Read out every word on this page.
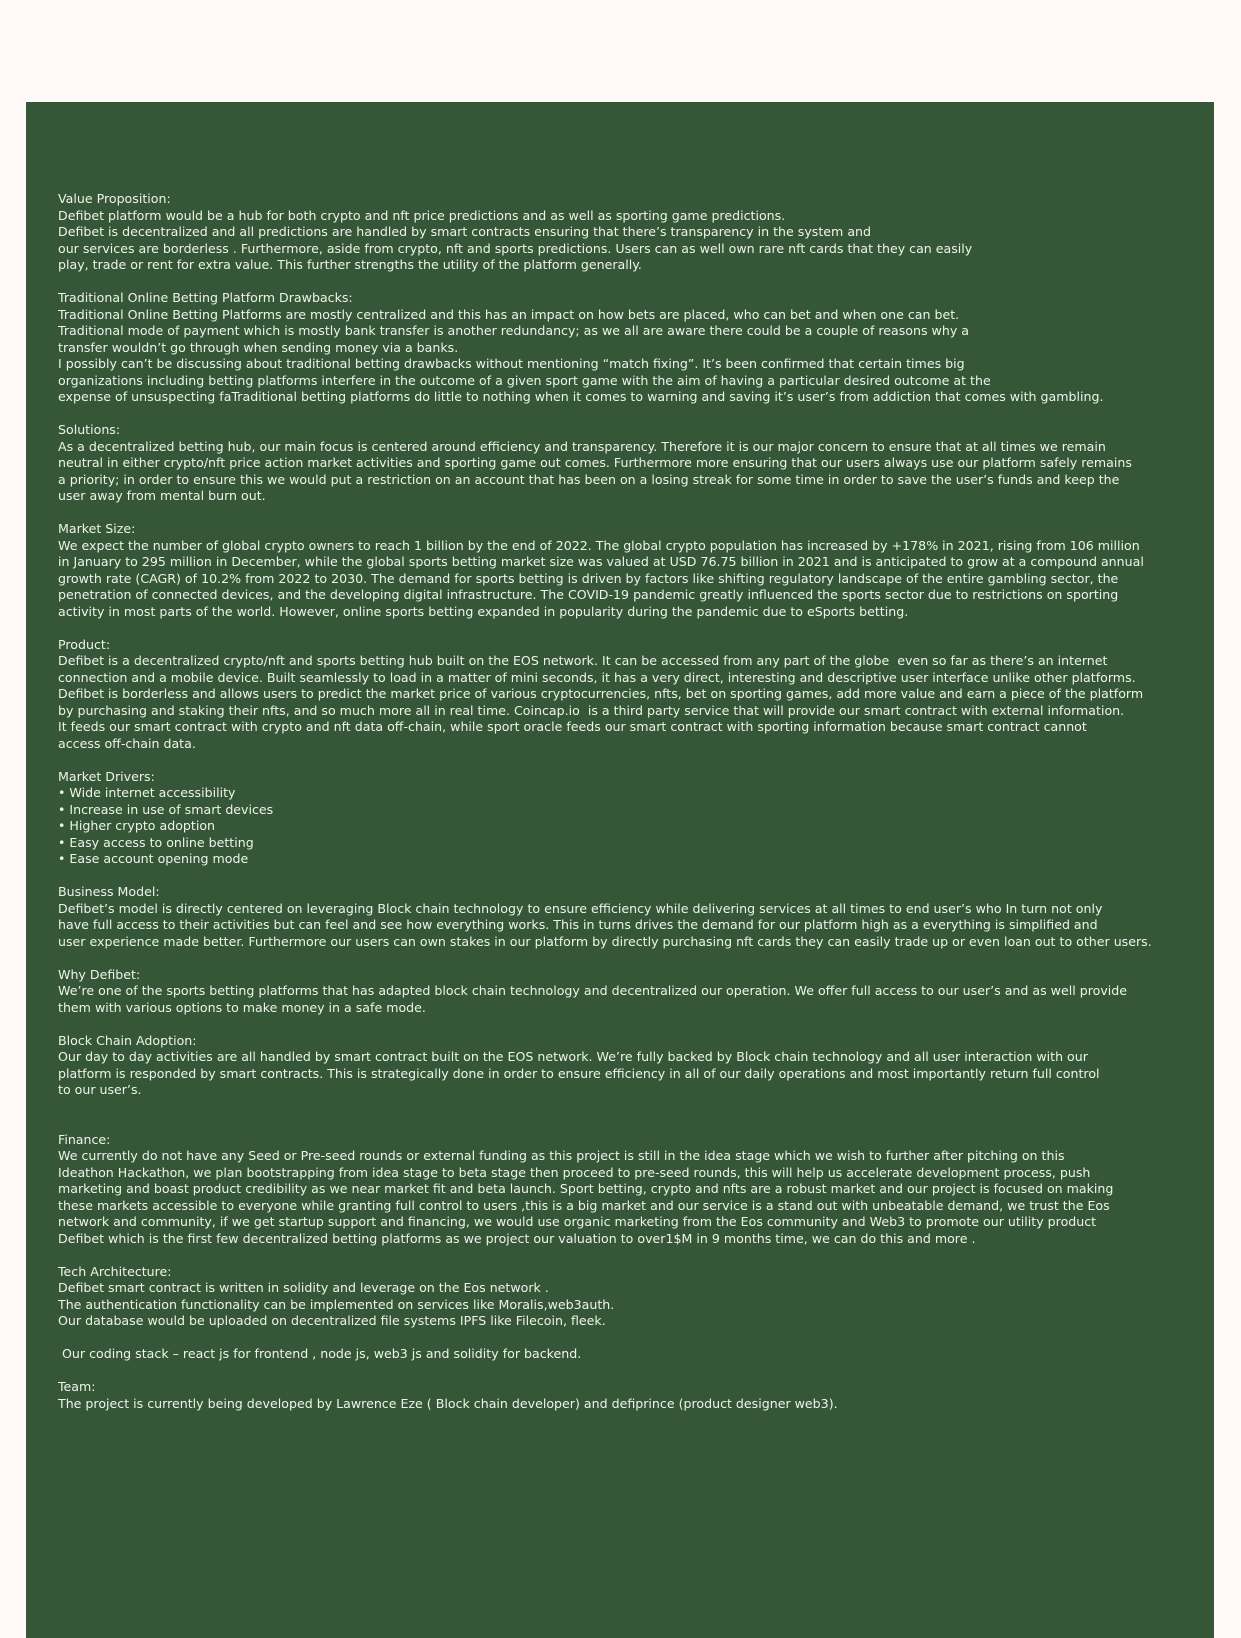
Value Proposition:
Defibet platform would be a hub for both crypto and nft price predictions and as well as sporting game predictions.
Defibet is decentralized and all predictions are handled by smart contracts ensuring that there’s transparency in the system and
our services are borderless . Furthermore, aside from crypto, nft and sports predictions. Users can as well own rare nft cards that they can easily
play, trade or rent for extra value. This further strengths the utility of the platform generally.
Traditional Online Betting Platform Drawbacks:
Traditional Online Betting Platforms are mostly centralized and this has an impact on how bets are placed, who can bet and when one can bet.
Traditional mode of payment which is mostly bank transfer is another redundancy; as we all are aware there could be a couple of reasons why a
transfer wouldn’t go through when sending money via a banks.
I possibly can’t be discussing about traditional betting drawbacks without mentioning “match fixing”. It’s been confirmed that certain times big
organizations including betting platforms interfere in the outcome of a given sport game with the aim of having a particular desired outcome at the
expense of unsuspecting faTraditional betting platforms do little to nothing when it comes to warning and saving it’s user’s from addiction that comes with gambling.
Solutions:
As a decentralized betting hub, our main focus is centered around efficiency and transparency. Therefore it is our major concern to ensure that at all times we remain
neutral in either crypto/nft price action market activities and sporting game out comes. Furthermore more ensuring that our users always use our platform safely remains
a priority; in order to ensure this we would put a restriction on an account that has been on a losing streak for some time in order to save the user’s funds and keep the
user away from mental burn out.
Market Size:
We expect the number of global crypto owners to reach 1 billion by the end of 2022. The global crypto population has increased by +178% in 2021, rising from 106 million
in January to 295 million in December, while the global sports betting market size was valued at USD 76.75 billion in 2021 and is anticipated to grow at a compound annual
growth rate (CAGR) of 10.2% from 2022 to 2030. The demand for sports betting is driven by factors like shifting regulatory landscape of the entire gambling sector, the
penetration of connected devices, and the developing digital infrastructure. The COVID-19 pandemic greatly influenced the sports sector due to restrictions on sporting
activity in most parts of the world. However, online sports betting expanded in popularity during the pandemic due to eSports betting.
Product:
Defibet is a decentralized crypto/nft and sports betting hub built on the EOS network. It can be accessed from any part of the globe  even so far as there’s an internet
connection and a mobile device. Built seamlessly to load in a matter of mini seconds, it has a very direct, interesting and descriptive user interface unlike other platforms.
Defibet is borderless and allows users to predict the market price of various cryptocurrencies, nfts, bet on sporting games, add more value and earn a piece of the platform
by purchasing and staking their nfts, and so much more all in real time. Coincap.io  is a third party service that will provide our smart contract with external information.
It feeds our smart contract with crypto and nft data off-chain, while sport oracle feeds our smart contract with sporting information because smart contract cannot
access off-chain data.
Market Drivers:
• Wide internet accessibility
• Increase in use of smart devices
• Higher crypto adoption
• Easy access to online betting
• Ease account opening mode
Business Model:
Defibet’s model is directly centered on leveraging Block chain technology to ensure efficiency while delivering services at all times to end user’s who In turn not only
have full access to their activities but can feel and see how everything works. This in turns drives the demand for our platform high as a everything is simplified and
user experience made better. Furthermore our users can own stakes in our platform by directly purchasing nft cards they can easily trade up or even loan out to other users.
Why Defibet:
We’re one of the sports betting platforms that has adapted block chain technology and decentralized our operation. We offer full access to our user’s and as well provide
them with various options to make money in a safe mode.
Block Chain Adoption:
Our day to day activities are all handled by smart contract built on the EOS network. We’re fully backed by Block chain technology and all user interaction with our
platform is responded by smart contracts. This is strategically done in order to ensure efficiency in all of our daily operations and most importantly return full control
to our user’s.
Finance:
We currently do not have any Seed or Pre-seed rounds or external funding as this project is still in the idea stage which we wish to further after pitching on this
Ideathon Hackathon, we plan bootstrapping from idea stage to beta stage then proceed to pre-seed rounds, this will help us accelerate development process, push
marketing and boast product credibility as we near market fit and beta launch. Sport betting, crypto and nfts are a robust market and our project is focused on making
these markets accessible to everyone while granting full control to users ,this is a big market and our service is a stand out with unbeatable demand, we trust the Eos
network and community, if we get startup support and financing, we would use organic marketing from the Eos community and Web3 to promote our utility product
Defibet which is the first few decentralized betting platforms as we project our valuation to over1$M in 9 months time, we can do this and more .
Tech Architecture:
Defibet smart contract is written in solidity and leverage on the Eos network .
The authentication functionality can be implemented on services like Moralis,web3auth.
Our database would be uploaded on decentralized file systems IPFS like Filecoin, fleek.
Our coding stack – react js for frontend , node js, web3 js and solidity for backend.
Team:
The project is currently being developed by Lawrence Eze ( Block chain developer) and defiprince (product designer web3).
